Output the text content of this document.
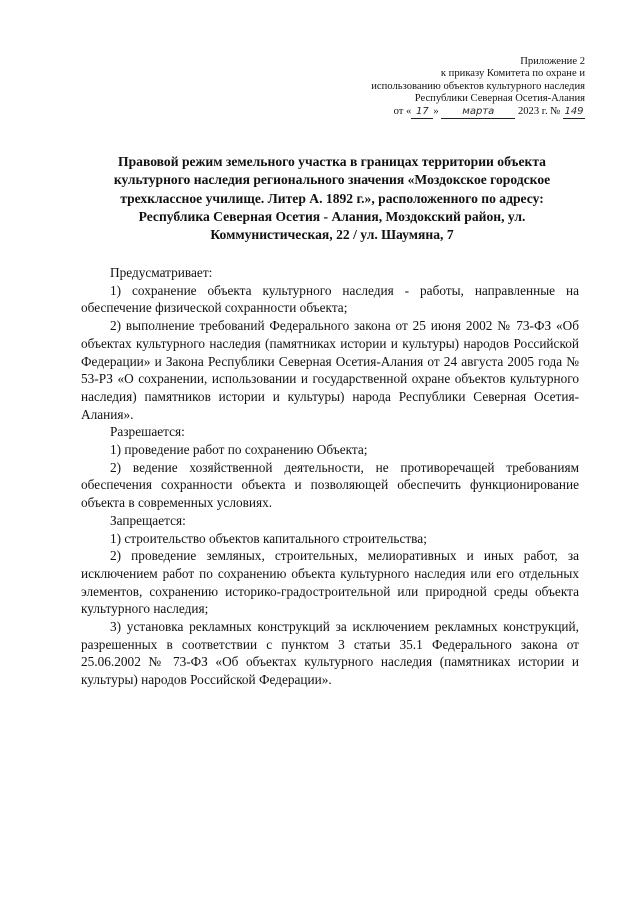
Приложение 2
к приказу Комитета по охране и
использованию объектов культурного наследия
Республики Северная Осетия-Алания
от « 17 » марта 2023 г. № 149
Правовой режим земельного участка в границах территории объекта
культурного наследия регионального значения «Моздокское городское
трехклассное училище. Литер А. 1892 г.», расположенного по адресу:
Республика Северная Осетия - Алания, Моздокский район, ул.
Коммунистическая, 22 / ул. Шаумяна, 7

Предусматривает:

1) сохранение объекта культурного наследия - работы, направленные на обеспечение физической сохранности объекта;

2) выполнение требований Федерального закона от 25 июня 2002 № 73-ФЗ «Об объектах культурного наследия (памятниках истории и культуры) народов Российской Федерации» и Закона Республики Северная Осетия-Алания от 24 августа 2005 года № 53-РЗ «О сохранении, использовании и государственной охране объектов культурного наследия) памятников истории и культуры) народа Республики Северная Осетия-Алания».

Разрешается:

1) проведение работ по сохранению Объекта;

2) ведение хозяйственной деятельности, не противоречащей требованиям обеспечения сохранности объекта и позволяющей обеспечить функционирование объекта в современных условиях.

Запрещается:

1) строительство объектов капитального строительства;

2) проведение земляных, строительных, мелиоративных и иных работ, за исключением работ по сохранению объекта культурного наследия или его отдельных элементов, сохранению историко-градостроительной или природной среды объекта культурного наследия;

3) установка рекламных конструкций за исключением рекламных конструкций, разрешенных в соответствии с пунктом 3 статьи 35.1 Федерального закона от 25.06.2002 № 73-ФЗ «Об объектах культурного наследия (памятниках истории и культуры) народов Российской Федерации».
